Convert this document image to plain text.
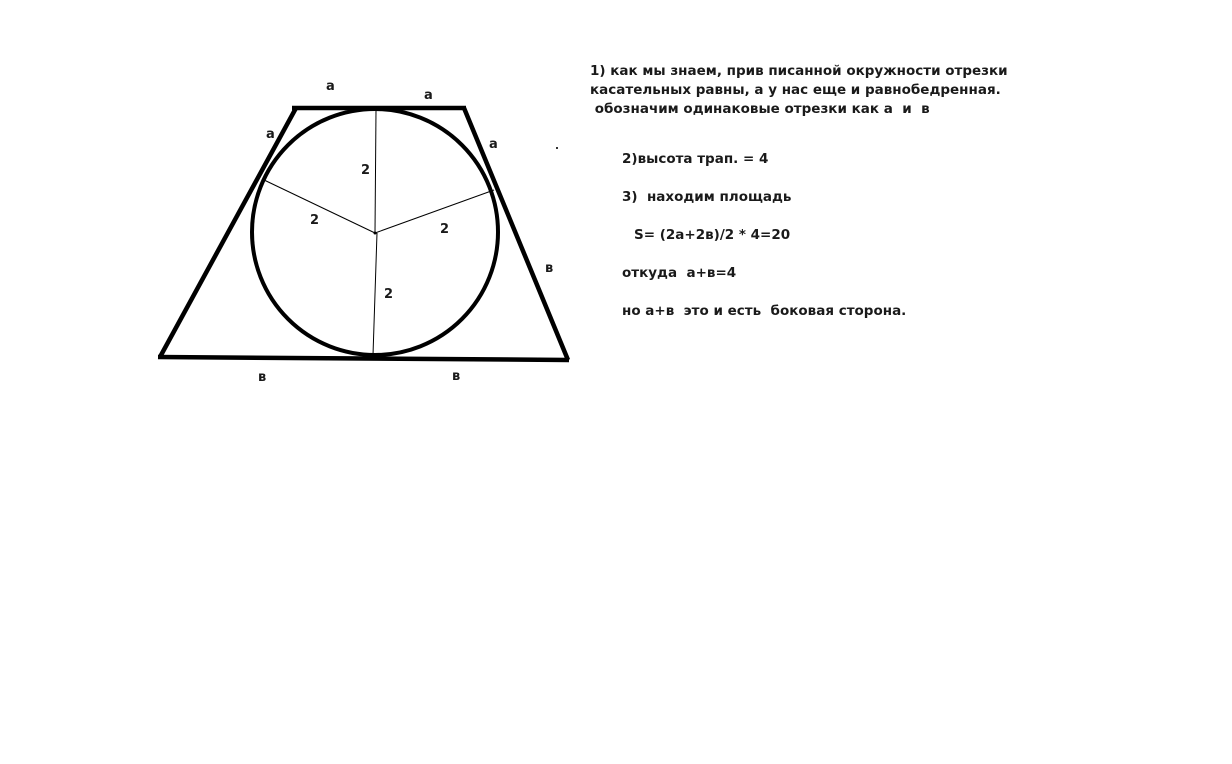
а
а
а
а
в
в	в
2
2
2
2
1) как мы знаем, прив писанной окружности отрезки
касательных равны, а у нас еще и равнобедренная.
обозначим одинаковые отрезки как а  и  в
2)высота трап. = 4
3)  находим площадь
S= (2а+2в)/2 * 4=20
откуда  а+в=4
но а+в  это и есть  боковая сторона.
